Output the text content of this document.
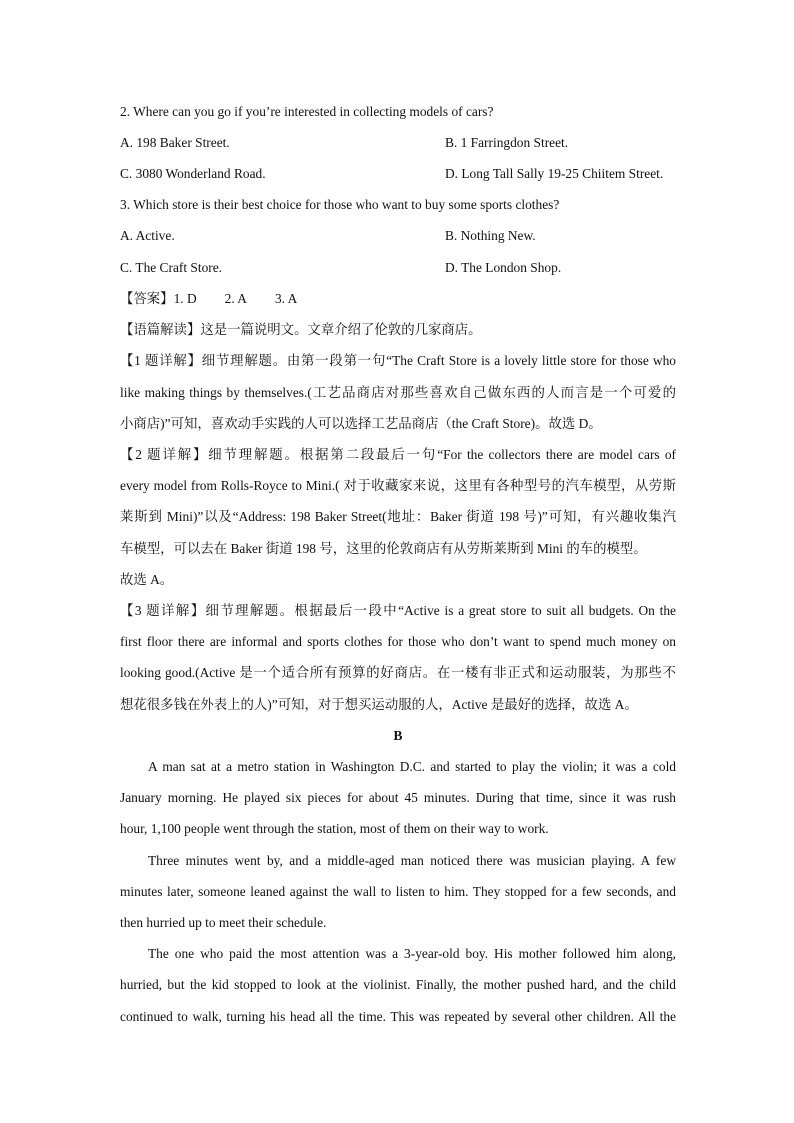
2. Where can you go if you’re interested in collecting models of cars?
A. 198 Baker Street.	B. 1 Farringdon Street.
C. 3080 Wonderland Road.	D. Long Tall Sally 19-25 Chiitem Street.
3. Which store is their best choice for those who want to buy some sports clothes?
A. Active.	B. Nothing New.
C. The Craft Store.	D. The London Shop.
【答案】1. D 2. A 3. A
【语篇解读】这是一篇说明文。文章介绍了伦敦的几家商店。
【1 题详解】细节理解题。由第一段第一句“The Craft Store is a lovely little store for those who
like making things by themselves.(工艺品商店对那些喜欢自己做东西的人而言是一个可爱的
小商店)”可知，喜欢动手实践的人可以选择工艺品商店（the Craft Store)。故选 D。
【2 题详解】细节理解题。根据第二段最后一句“For the collectors there are model cars of
every model from Rolls-Royce to Mini.( 对于收藏家来说，这里有各种型号的汽车模型，从劳斯
莱斯到 Mini)”以及“Address: 198 Baker Street(地址：Baker 街道 198 号)”可知，有兴趣收集汽
车模型，可以去在 Baker 街道 198 号，这里的伦敦商店有从劳斯莱斯到 Mini 的车的模型。
故选 A。
【3 题详解】细节理解题。根据最后一段中“Active is a great store to suit all budgets. On the
first floor there are informal and sports clothes for those who don’t want to spend much money on
looking good.(Active 是一个适合所有预算的好商店。在一楼有非正式和运动服装，为那些不
想花很多钱在外表上的人)”可知，对于想买运动服的人，Active 是最好的选择，故选 A。
B
A man sat at a metro station in Washington D.C. and started to play the violin; it was a cold
January morning. He played six pieces for about 45 minutes. During that time, since it was rush
hour, 1,100 people went through the station, most of them on their way to work.
Three minutes went by, and a middle-aged man noticed there was musician playing. A few
minutes later, someone leaned against the wall to listen to him. They stopped for a few seconds, and
then hurried up to meet their schedule.
The one who paid the most attention was a 3-year-old boy. His mother followed him along,
hurried, but the kid stopped to look at the violinist. Finally, the mother pushed hard, and the child
continued to walk, turning his head all the time. This was repeated by several other children. All the
